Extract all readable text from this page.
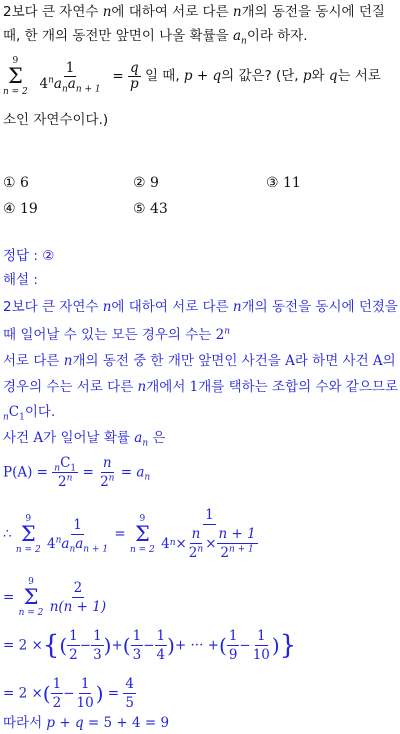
2보다 큰 자연수 n에 대하여 서로 다른 n개의 동전을 동시에 던질
때, 한 개의 동전만 앞면이 나올 확률을 $a_n$이라 하자.
9
Σ
n = 2

$\frac{1}{4^na_na_{n + 1}} = \frac{q}{p}$ 일 때, p + q의 값은? (단, p와 q는 서로
소인 자연수이다.)
① 6	② 9	③ 11
④ 19	⑤ 43
정답 : ②
해설 :
2보다 큰 자연수 n에 대하여 서로 다른 n개의 동전을 동시에 던졌을
때 일어날 수 있는 모든 경우의 수는 2$^n$
서로 다른 n개의 동전 중 한 개만 앞면인 사건을 A라 하면 사건 A의
경우의 수는 서로 다른 n개에서 1개를 택하는 조합의 수와 같으므로
$_nC_1$이다.
사건 A가 일어날 확률 $a_n$ 은
$P(A) = \frac{_nC_1}{2^n} = \frac{n}{2^n} = a_n$
∴
9
Σ
n = 2
$\frac{1}{4^na_na_{n + 1}}$ =
9
Σ
n = 2
$\frac{1}{4 n \times \frac{n}{2^n} \times \frac{n + 1}{2^{n + 1}}}$
=
9
Σ
n = 2
$\frac{2}{n(n + 1)}$
= 2 ×{( $\frac{1}{2} - \frac{1}{3}$ )+( $\frac{1}{3} - \frac{1}{4}$ )+ ··· +( $\frac{1}{9} - \frac{1}{10}$ )}
= 2 ×( $\frac{1}{2} - \frac{1}{10}$ ) = $\frac{4}{5}$
따라서 p + q = 5 + 4 = 9
